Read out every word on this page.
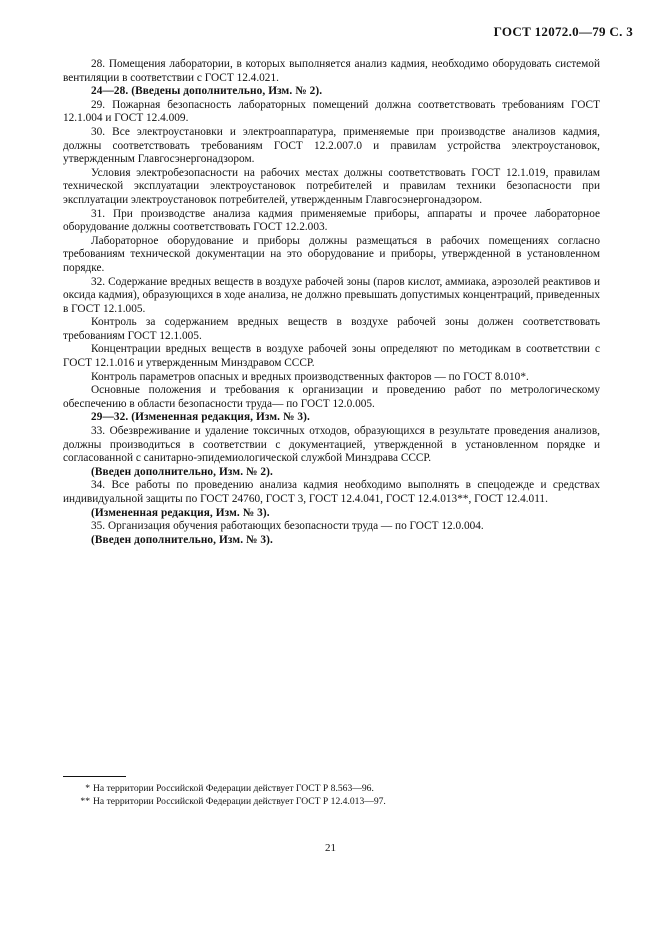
ГОСТ 12072.0—79 С. 3

28. Помещения лаборатории, в которых выполняется анализ кадмия, необходимо оборудовать системой вентиляции в соответствии с ГОСТ 12.4.021.

24—28. (Введены дополнительно, Изм. № 2).

29. Пожарная безопасность лабораторных помещений должна соответствовать требованиям ГОСТ 12.1.004 и ГОСТ 12.4.009.

30. Все электроустановки и электроаппаратура, применяемые при производстве анализов кадмия, должны соответствовать требованиям ГОСТ 12.2.007.0 и правилам устройства электроустановок, утвержденным Главгосэнергонадзором.

Условия электробезопасности на рабочих местах должны соответствовать ГОСТ 12.1.019, правилам технической эксплуатации электроустановок потребителей и правилам техники безопасности при эксплуатации электроустановок потребителей, утвержденным Главгосэнергонадзором.

31. При производстве анализа кадмия применяемые приборы, аппараты и прочее лабораторное оборудование должны соответствовать ГОСТ 12.2.003.

Лабораторное оборудование и приборы должны размещаться в рабочих помещениях согласно требованиям технической документации на это оборудование и приборы, утвержденной в установленном порядке.

32. Содержание вредных веществ в воздухе рабочей зоны (паров кислот, аммиака, аэрозолей реактивов и оксида кадмия), образующихся в ходе анализа, не должно превышать допустимых концентраций, приведенных в ГОСТ 12.1.005.

Контроль за содержанием вредных веществ в воздухе рабочей зоны должен соответствовать требованиям ГОСТ 12.1.005.

Концентрации вредных веществ в воздухе рабочей зоны определяют по методикам в соответствии с ГОСТ 12.1.016 и утвержденным Минздравом СССР.

Контроль параметров опасных и вредных производственных факторов — по ГОСТ 8.010*.

Основные положения и требования к организации и проведению работ по метрологическому обеспечению в области безопасности труда— по ГОСТ 12.0.005.

29—32. (Измененная редакция, Изм. № 3).

33. Обезвреживание и удаление токсичных отходов, образующихся в результате проведения анализов, должны производиться в соответствии с документацией, утвержденной в установленном порядке и согласованной с санитарно-эпидемиологической службой Минздрава СССР.

(Введен дополнительно, Изм. № 2).

34. Все работы по проведению анализа кадмия необходимо выполнять в спецодежде и средствах индивидуальной защиты по ГОСТ 24760, ГОСТ 3, ГОСТ 12.4.041, ГОСТ 12.4.013**, ГОСТ 12.4.011.

(Измененная редакция, Изм. № 3).

35. Организация обучения работающих безопасности труда — по ГОСТ 12.0.004.

(Введен дополнительно, Изм. № 3).

* На территории Российской Федерации действует ГОСТ Р 8.563—96.

** На территории Российской Федерации действует ГОСТ Р 12.4.013—97.

21
